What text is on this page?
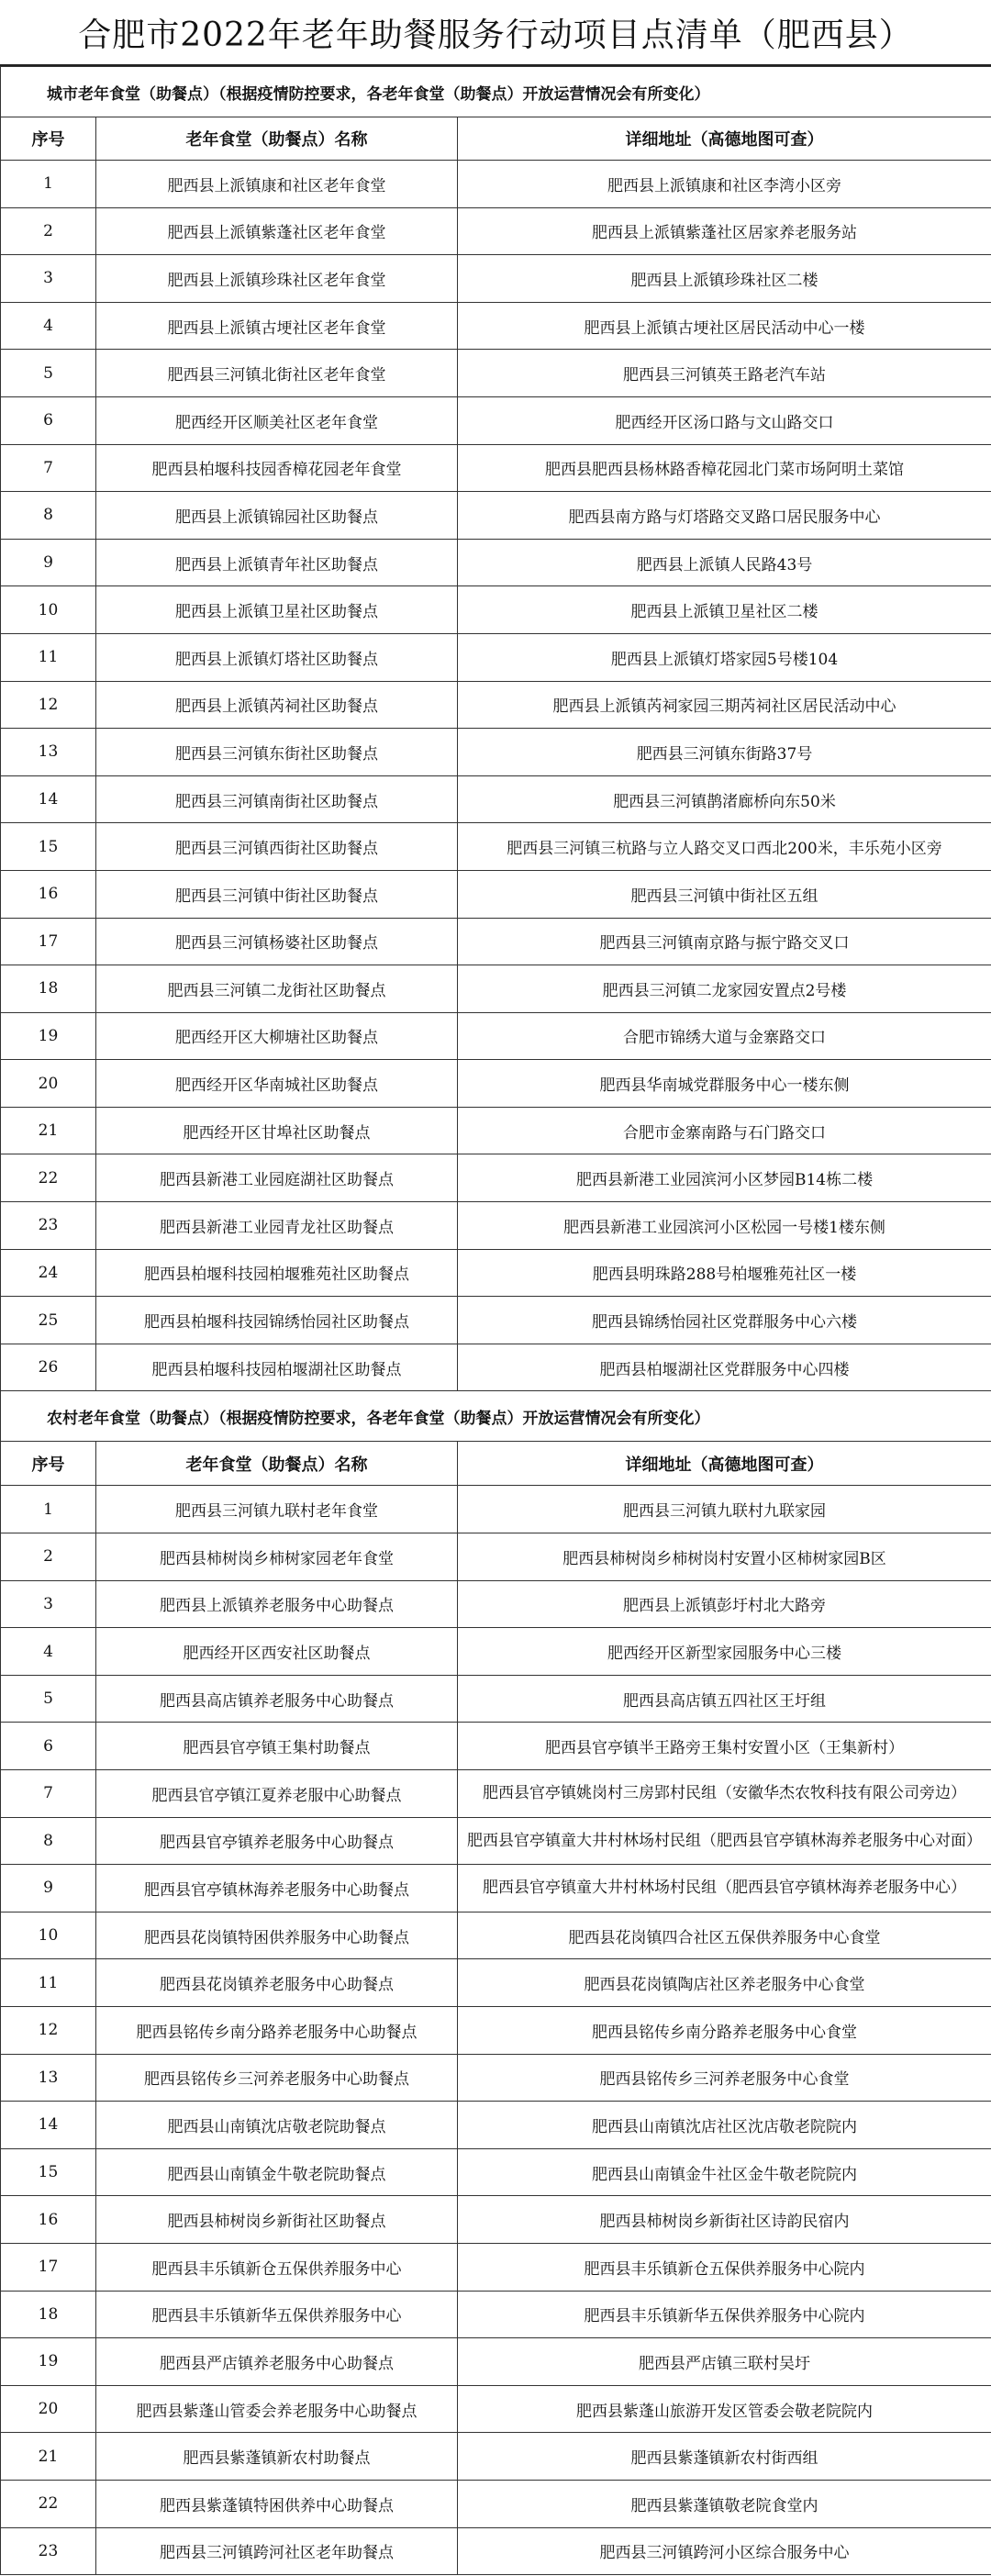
合肥市2022年老年助餐服务行动项目点清单（肥西县）
城市老年食堂（助餐点）（根据疫情防控要求，各老年食堂（助餐点）开放运营情况会有所变化）		
序号	老年食堂（助餐点）名称	详细地址（高德地图可查）
1	肥西县上派镇康和社区老年食堂	肥西县上派镇康和社区李湾小区旁
2	肥西县上派镇紫蓬社区老年食堂	肥西县上派镇紫蓬社区居家养老服务站
3	肥西县上派镇珍珠社区老年食堂	肥西县上派镇珍珠社区二楼
4	肥西县上派镇古埂社区老年食堂	肥西县上派镇古埂社区居民活动中心一楼
5	肥西县三河镇北街社区老年食堂	肥西县三河镇英王路老汽车站
6	肥西经开区顺美社区老年食堂	肥西经开区汤口路与文山路交口
7	肥西县柏堰科技园香樟花园老年食堂	肥西县肥西县杨林路香樟花园北门菜市场阿明土菜馆
8	肥西县上派镇锦园社区助餐点	肥西县南方路与灯塔路交叉路口居民服务中心
9	肥西县上派镇青年社区助餐点	肥西县上派镇人民路43号
10	肥西县上派镇卫星社区助餐点	肥西县上派镇卫星社区二楼
11	肥西县上派镇灯塔社区助餐点	肥西县上派镇灯塔家园5号楼104
12	肥西县上派镇芮祠社区助餐点	肥西县上派镇芮祠家园三期芮祠社区居民活动中心
13	肥西县三河镇东街社区助餐点	肥西县三河镇东街路37号
14	肥西县三河镇南街社区助餐点	肥西县三河镇鹊渚廊桥向东50米
15	肥西县三河镇西街社区助餐点	肥西县三河镇三杭路与立人路交叉口西北200米，丰乐苑小区旁
16	肥西县三河镇中街社区助餐点	肥西县三河镇中街社区五组
17	肥西县三河镇杨婆社区助餐点	肥西县三河镇南京路与振宁路交叉口
18	肥西县三河镇二龙街社区助餐点	肥西县三河镇二龙家园安置点2号楼
19	肥西经开区大柳塘社区助餐点	合肥市锦绣大道与金寨路交口
20	肥西经开区华南城社区助餐点	肥西县华南城党群服务中心一楼东侧
21	肥西经开区甘埠社区助餐点	合肥市金寨南路与石门路交口
22	肥西县新港工业园庭湖社区助餐点	肥西县新港工业园滨河小区梦园B14栋二楼
23	肥西县新港工业园青龙社区助餐点	肥西县新港工业园滨河小区松园一号楼1楼东侧
24	肥西县柏堰科技园柏堰雅苑社区助餐点	肥西县明珠路288号柏堰雅苑社区一楼
25	肥西县柏堰科技园锦绣怡园社区助餐点	肥西县锦绣怡园社区党群服务中心六楼
26	肥西县柏堰科技园柏堰湖社区助餐点	肥西县柏堰湖社区党群服务中心四楼
农村老年食堂（助餐点）（根据疫情防控要求，各老年食堂（助餐点）开放运营情况会有所变化）		
序号	老年食堂（助餐点）名称	详细地址（高德地图可查）
1	肥西县三河镇九联村老年食堂	肥西县三河镇九联村九联家园
2	肥西县柿树岗乡柿树家园老年食堂	肥西县柿树岗乡柿树岗村安置小区柿树家园B区
3	肥西县上派镇养老服务中心助餐点	肥西县上派镇彭圩村北大路旁
4	肥西经开区西安社区助餐点	肥西经开区新型家园服务中心三楼
5	肥西县高店镇养老服务中心助餐点	肥西县高店镇五四社区王圩组
6	肥西县官亭镇王集村助餐点	肥西县官亭镇半王路旁王集村安置小区（王集新村）
7	肥西县官亭镇江夏养老服中心助餐点	肥西县官亭镇姚岗村三房郢村民组（安徽华杰农牧科技有限公司旁边）
8	肥西县官亭镇养老服务中心助餐点	肥西县官亭镇童大井村林场村民组（肥西县官亭镇林海养老服务中心对面）
9	肥西县官亭镇林海养老服务中心助餐点	肥西县官亭镇童大井村林场村民组（肥西县官亭镇林海养老服务中心）
10	肥西县花岗镇特困供养服务中心助餐点	肥西县花岗镇四合社区五保供养服务中心食堂
11	肥西县花岗镇养老服务中心助餐点	肥西县花岗镇陶店社区养老服务中心食堂
12	肥西县铭传乡南分路养老服务中心助餐点	肥西县铭传乡南分路养老服务中心食堂
13	肥西县铭传乡三河养老服务中心助餐点	肥西县铭传乡三河养老服务中心食堂
14	肥西县山南镇沈店敬老院助餐点	肥西县山南镇沈店社区沈店敬老院院内
15	肥西县山南镇金牛敬老院助餐点	肥西县山南镇金牛社区金牛敬老院院内
16	肥西县柿树岗乡新街社区助餐点	肥西县柿树岗乡新街社区诗韵民宿内
17	肥西县丰乐镇新仓五保供养服务中心	肥西县丰乐镇新仓五保供养服务中心院内
18	肥西县丰乐镇新华五保供养服务中心	肥西县丰乐镇新华五保供养服务中心院内
19	肥西县严店镇养老服务中心助餐点	肥西县严店镇三联村吴圩
20	肥西县紫蓬山管委会养老服务中心助餐点	肥西县紫蓬山旅游开发区管委会敬老院院内
21	肥西县紫蓬镇新农村助餐点	肥西县紫蓬镇新农村街西组
22	肥西县紫蓬镇特困供养中心助餐点	肥西县紫蓬镇敬老院食堂内
23	肥西县三河镇跨河社区老年助餐点	肥西县三河镇跨河小区综合服务中心
